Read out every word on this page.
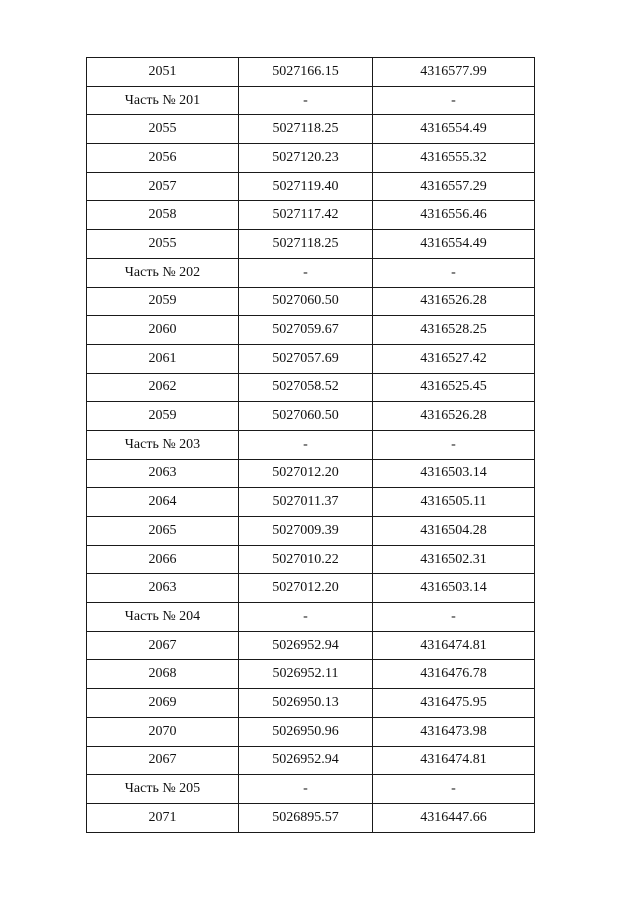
2051	5027166.15	4316577.99
Часть № 201	-	-
2055	5027118.25	4316554.49
2056	5027120.23	4316555.32
2057	5027119.40	4316557.29
2058	5027117.42	4316556.46
2055	5027118.25	4316554.49
Часть № 202	-	-
2059	5027060.50	4316526.28
2060	5027059.67	4316528.25
2061	5027057.69	4316527.42
2062	5027058.52	4316525.45
2059	5027060.50	4316526.28
Часть № 203	-	-
2063	5027012.20	4316503.14
2064	5027011.37	4316505.11
2065	5027009.39	4316504.28
2066	5027010.22	4316502.31
2063	5027012.20	4316503.14
Часть № 204	-	-
2067	5026952.94	4316474.81
2068	5026952.11	4316476.78
2069	5026950.13	4316475.95
2070	5026950.96	4316473.98
2067	5026952.94	4316474.81
Часть № 205	-	-
2071	5026895.57	4316447.66
